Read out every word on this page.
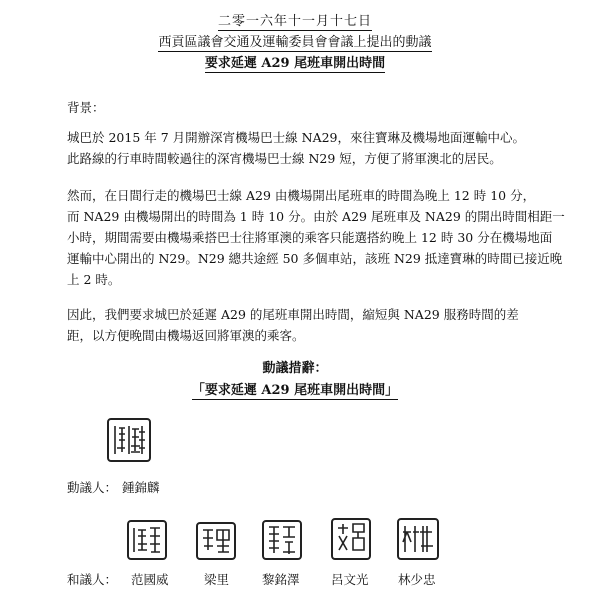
二零一六年十一月十七日
西貢區議會交通及運輸委員會會議上提出的動議
要求延遲 A29 尾班車開出時間
背景：
城巴於 2015 年 7 月開辦深宵機場巴士線 NA29，來往寶琳及機場地面運輸中心。
此路線的行車時間較過往的深宵機場巴士線 N29 短，方便了將軍澳北的居民。
然而，在日間行走的機場巴士線 A29 由機場開出尾班車的時間為晚上 12 時 10 分，
而 NA29 由機場開出的時間為 1 時 10 分。由於 A29 尾班車及 NA29 的開出時間相距一
小時，期間需要由機場乘搭巴士往將軍澳的乘客只能選搭約晚上 12 時 30 分在機場地面
運輸中心開出的 N29。N29 總共途經 50 多個車站，該班 N29 抵達寶琳的時間已接近晚
上 2 時。
因此，我們要求城巴於延遲 A29 的尾班車開出時間，縮短與 NA29 服務時間的差
距，以方便晚間由機場返回將軍澳的乘客。
動議措辭：
「要求延遲 A29 尾班車開出時間」
動議人： 鍾錦麟
和議人： 范國威	梁里	黎銘澤	呂文光 林少忠
